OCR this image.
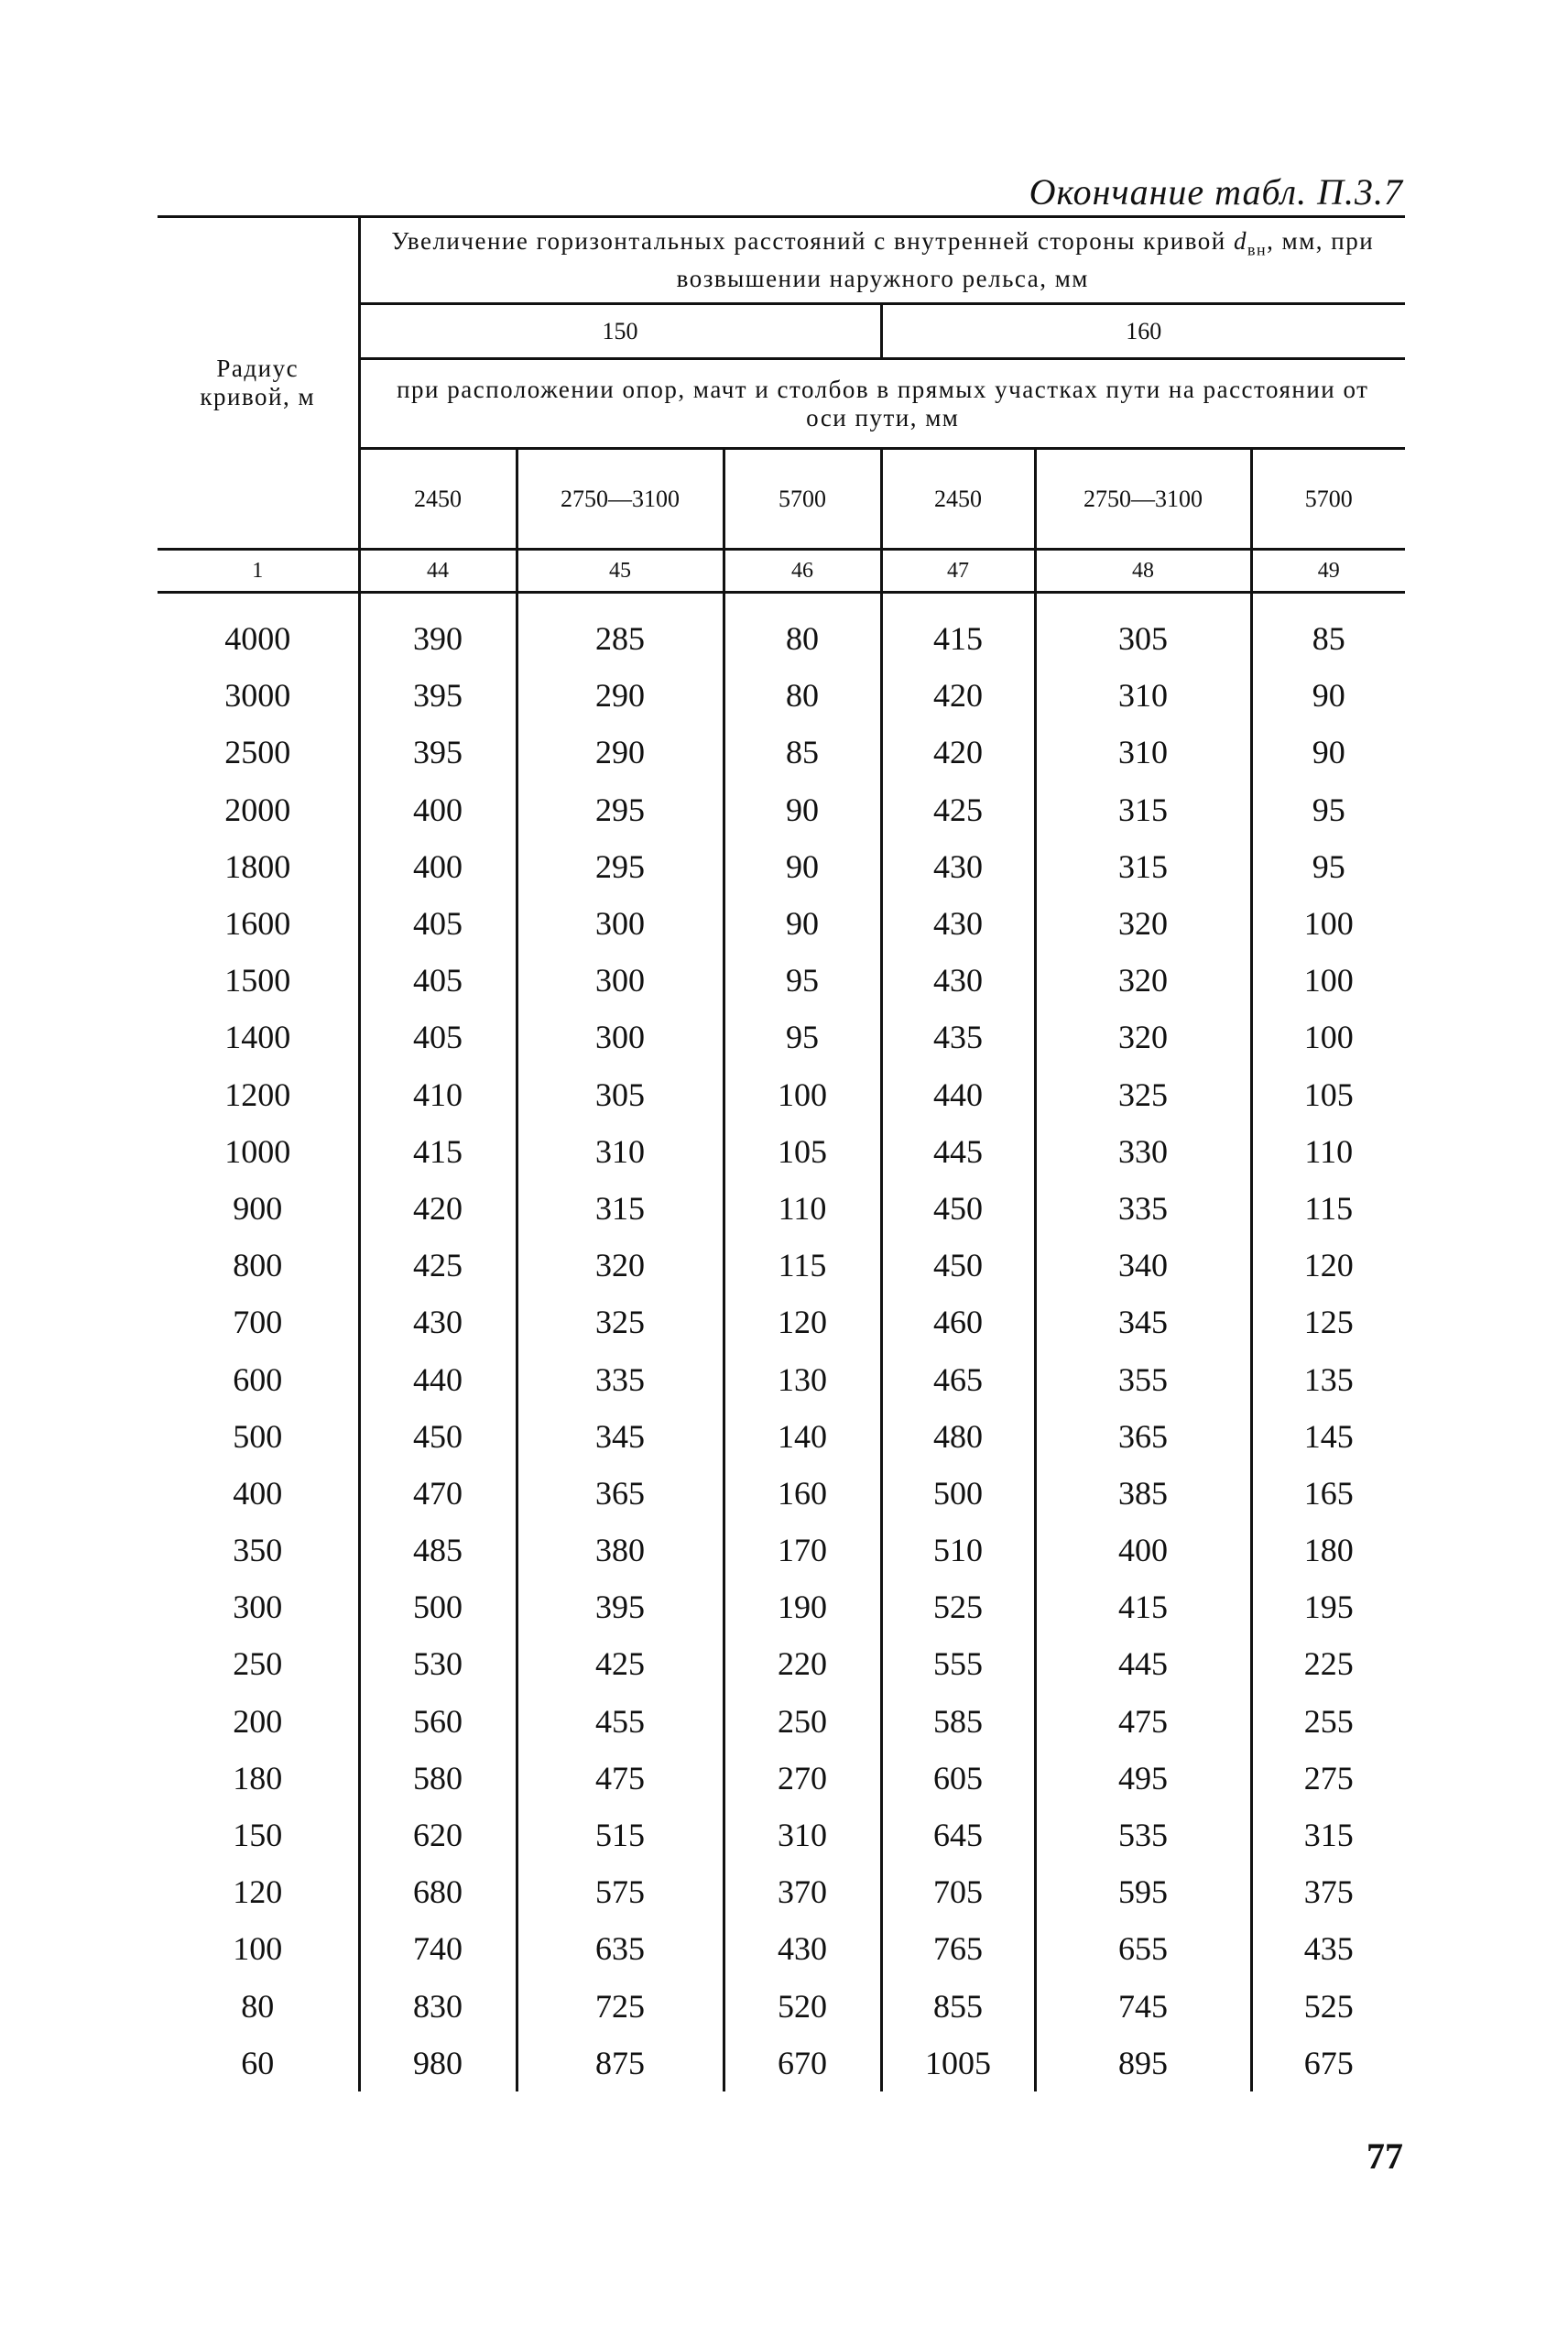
Окончание табл. П.3.7
Радиус кривой, м	Увеличение горизонтальных расстояний с внутренней стороны кривой $d_{вн}$, мм, при возвышении наружного рельса, мм					
	150			160		
	при расположении опор, мачт и столбов в прямых участках пути на расстоянии от оси пути, мм					
	2450	2750—3100	5700	2450	2750—3100	5700
1	44	45	46	47	48	49
4000	390	285	80	415	305	85
3000	395	290	80	420	310	90
2500	395	290	85	420	310	90
2000	400	295	90	425	315	95
1800	400	295	90	430	315	95
1600	405	300	90	430	320	100
1500	405	300	95	430	320	100
1400	405	300	95	435	320	100
1200	410	305	100	440	325	105
1000	415	310	105	445	330	110
900	420	315	110	450	335	115
800	425	320	115	450	340	120
700	430	325	120	460	345	125
600	440	335	130	465	355	135
500	450	345	140	480	365	145
400	470	365	160	500	385	165
350	485	380	170	510	400	180
300	500	395	190	525	415	195
250	530	425	220	555	445	225
200	560	455	250	585	475	255
180	580	475	270	605	495	275
150	620	515	310	645	535	315
120	680	575	370	705	595	375
100	740	635	430	765	655	435
80	830	725	520	855	745	525
60	980	875	670	1005	895	675
77
